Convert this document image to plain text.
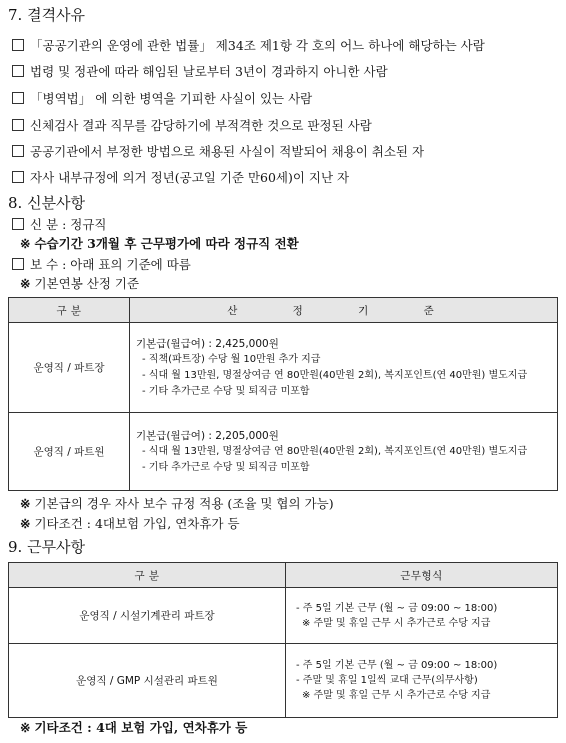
7. 결격사유
「공공기관의 운영에 관한 법률」 제34조 제1항 각 호의 어느 하나에 해당하는 사람
법령 및 정관에 따라 해임된 날로부터 3년이 경과하지 아니한 사람
「병역법」 에 의한 병역을 기피한 사실이 있는 사람
신체검사 결과 직무를 감당하기에 부적격한 것으로 판정된 사람
공공기관에서 부정한 방법으로 채용된 사실이 적발되어 채용이 취소된 자
자사 내부규정에 의거 정년(공고일 기준 만60세)이 지난 자
8. 신분사항
신 분 : 정규직
※ 수습기간 3개월 후 근무평가에 따라 정규직 전환
보 수 : 아래 표의 기준에 따름
※ 기본연봉 산정 기준
구 분	산 정 기 준
운영직 / 파트장	기본급(월급여) : 2,425,000원
- 직책(파트장) 수당 월 10만원 추가 지급
- 식대 월 13만원, 명절상여금 연 80만원(40만원 2회), 복지포인트(연 40만원) 별도지급
- 기타 추가근로 수당 및 퇴직금 미포함

운영직 / 파트원	기본급(월급여) : 2,205,000원
- 식대 월 13만원, 명절상여금 연 80만원(40만원 2회), 복지포인트(연 40만원) 별도지급
- 기타 추가근로 수당 및 퇴직금 미포함
※ 기본급의 경우 자사 보수 규정 적용 (조율 및 협의 가능)
※ 기타조건 : 4대보험 가입, 연차휴가 등
9. 근무사항
구 분	근무형식
운영직 / 시설기계관리 파트장	- 주 5일 기본 근무 (월 ~ 금 09:00 ~ 18:00)
※ 주말 및 휴일 근무 시 추가근로 수당 지급

운영직 / GMP 시설관리 파트원	- 주 5일 기본 근무 (월 ~ 금 09:00 ~ 18:00)
- 주말 및 휴일 1일씩 교대 근무(의무사항)
※ 주말 및 휴일 근무 시 추가근로 수당 지급
※ 기타조건 : 4대 보험 가입, 연차휴가 등
